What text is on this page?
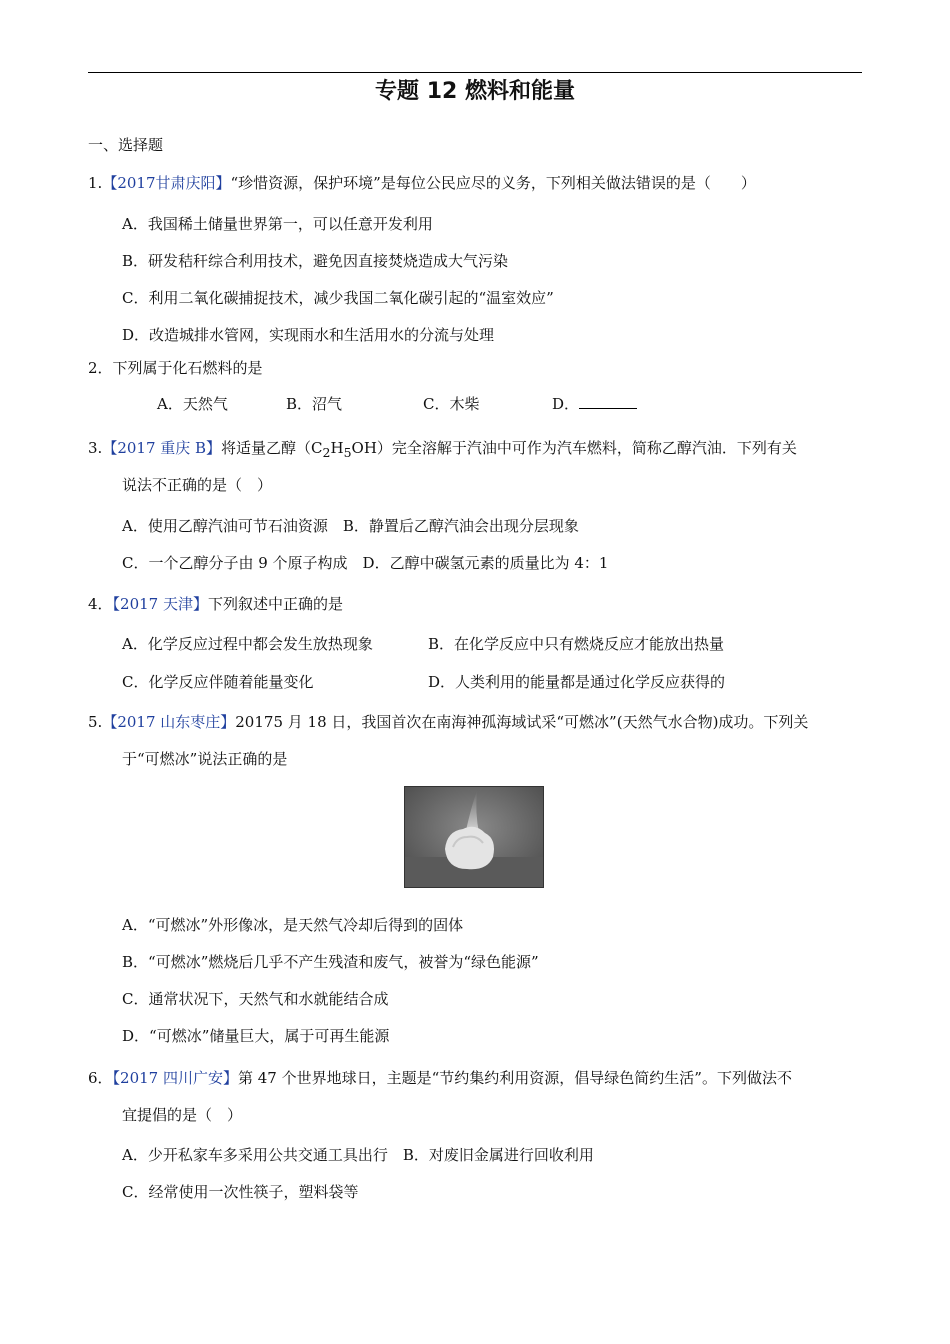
专题 12 燃料和能量
一、选择题
1.【2017甘肃庆阳】“珍惜资源，保护环境”是每位公民应尽的义务，下列相关做法错误的是（　　）
A．我国稀土储量世界第一，可以任意开发利用
B．研发秸秆综合利用技术，避免因直接焚烧造成大气污染
C．利用二氧化碳捕捉技术，减少我国二氧化碳引起的“温室效应”
D．改造城排水管网，实现雨水和生活用水的分流与处理
2．下列属于化石燃料的是
A．天然气	B．沼气	C．木柴	D．
3.【2017 重庆 B】将适量乙醇$(C_2H_5OH)$完全溶解于汽油中可作为汽车燃料，简称乙醇汽油．下列有关
说法不正确的是（　）
A．使用乙醇汽油可节石油资源　B．静置后乙醇汽油会出现分层现象
C．一个乙醇分子由 9 个原子构成　D．乙醇中碳氢元素的质量比为 4：1
4．【2017 天津】下列叙述中正确的是
A．化学反应过程中都会发生放热现象	B．在化学反应中只有燃烧反应才能放出热量
C．化学反应伴随着能量变化	D．人类利用的能量都是通过化学反应获得的
5.【2017 山东枣庄】20175 月 18 日，我国首次在南海神孤海域试采“可燃冰”(天然气水合物)成功。下列关
于“可燃冰”说法正确的是
A．“可燃冰”外形像冰，是天然气冷却后得到的固体
B．“可燃冰”燃烧后几乎不产生残渣和废气，被誉为“绿色能源”
C．通常状况下，天然气和水就能结合成
D．“可燃冰”储量巨大，属于可再生能源
6．【2017 四川广安】第 47 个世界地球日，主题是“节约集约利用资源，倡导绿色简约生活”。下列做法不
宜提倡的是（　）
A．少开私家车多采用公共交通工具出行　B．对废旧金属进行回收利用
C．经常使用一次性筷子，塑料袋等
